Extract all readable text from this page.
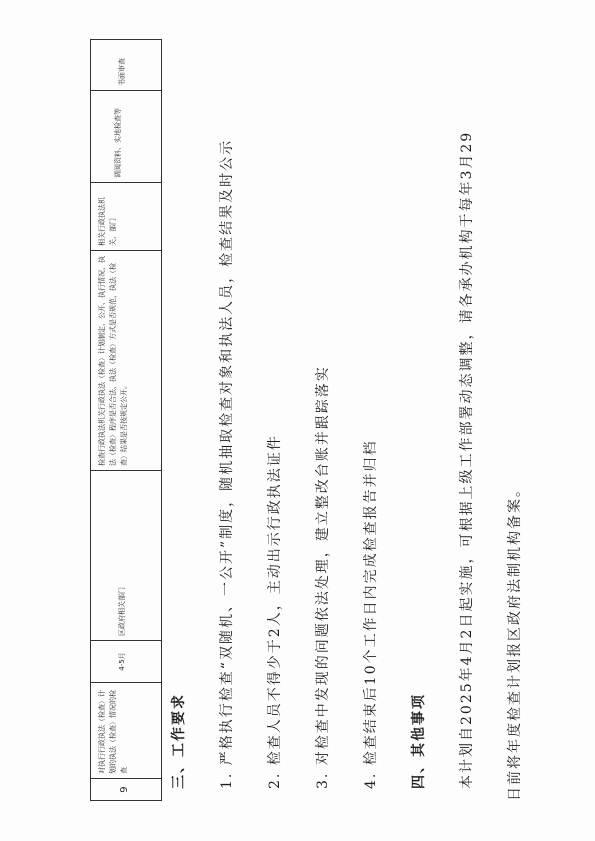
9
对执行行政执法（检查）计划的执法（检查）情况的检查
4-5月
区政府相关部门
检查行政执法机关行政执法（检查）计划制定、公开、执行情况，执法（检查）程序是否合法，执法（检查）方式是否规范，执法（检查）结果是否按规定公开。
相关行政执法机关、部门
调阅资料、实地检查等
书面审查
三、工作要求 1. 严格执行检查“双随机、一公开”制度，随机抽取检查对象和执法人员，检查结果及时公示 2. 检查人员不得少于2人，主动出示行政执法证件 3. 对检查中发现的问题依法处理，建立整改台账并跟踪落实 4. 检查结束后10个工作日内完成检查报告并归档 四、其他事项 本计划自2025年4月2日起实施，可根据上级工作部署动态调整，请各承办机构于每年3月29 日前将年度检查计划报区政府法制机构备案。
